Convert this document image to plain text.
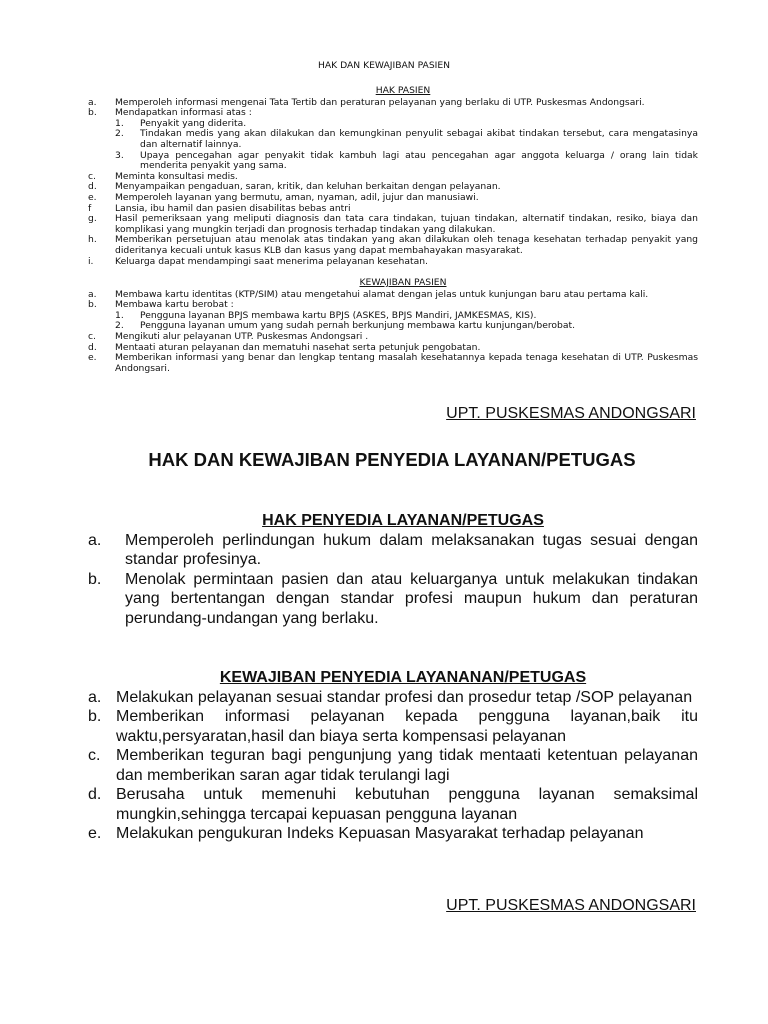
HAK DAN KEWAJIBAN PASIEN
HAK PASIEN
a.	Memperoleh informasi mengenai Tata Tertib dan peraturan pelayanan yang berlaku di UTP. Puskesmas Andongsari.
b.	Mendapatkan informasi atas :
1.	Penyakit yang diderita.
2.	Tindakan medis yang akan dilakukan dan kemungkinan penyulit sebagai akibat tindakan tersebut, cara mengatasinya dan alternatif lainnya.
3.	Upaya pencegahan agar penyakit tidak kambuh lagi atau pencegahan agar anggota keluarga / orang lain tidak menderita penyakit yang sama.
c.	Meminta konsultasi medis.
d.	Menyampaikan pengaduan, saran, kritik, dan keluhan berkaitan dengan pelayanan.
e.	Memperoleh layanan yang bermutu, aman, nyaman, adil, jujur dan manusiawi.
f	Lansia, ibu hamil dan pasien disabilitas bebas antri
g.	Hasil pemeriksaan yang meliputi diagnosis dan tata cara tindakan, tujuan tindakan, alternatif tindakan, resiko, biaya dan komplikasi yang mungkin terjadi dan prognosis terhadap tindakan yang dilakukan.
h.	Memberikan persetujuan atau menolak atas tindakan yang akan dilakukan oleh tenaga kesehatan terhadap penyakit yang dideritanya kecuali untuk kasus KLB dan kasus yang dapat membahayakan masyarakat.
i.	Keluarga dapat mendampingi saat menerima pelayanan kesehatan.
KEWAJIBAN PASIEN
a.	Membawa kartu identitas (KTP/SIM) atau mengetahui alamat dengan jelas untuk kunjungan baru atau pertama kali.
b.	Membawa kartu berobat :
1.	Pengguna layanan BPJS membawa kartu BPJS (ASKES, BPJS Mandiri, JAMKESMAS, KIS).
2.	Pengguna layanan umum yang sudah pernah berkunjung membawa kartu kunjungan/berobat.
c.	Mengikuti alur pelayanan UTP. Puskesmas Andongsari .
d.	Mentaati aturan pelayanan dan mematuhi nasehat serta petunjuk pengobatan.
e.	Memberikan informasi yang benar dan lengkap tentang masalah kesehatannya kepada tenaga kesehatan di UTP. Puskesmas Andongsari.
UPT. PUSKESMAS ANDONGSARI
HAK DAN KEWAJIBAN PENYEDIA LAYANAN/PETUGAS
HAK PENYEDIA LAYANAN/PETUGAS
a.	Memperoleh perlindungan hukum dalam melaksanakan tugas sesuai dengan standar profesinya.
b.	Menolak permintaan pasien dan atau keluarganya untuk melakukan tindakan yang bertentangan dengan standar profesi maupun hukum dan peraturan perundang-undangan yang berlaku.
KEWAJIBAN PENYEDIA LAYANANAN/PETUGAS
a. Melakukan pelayanan sesuai standar profesi dan prosedur tetap /SOP pelayanan
b. Memberikan informasi pelayanan kepada pengguna layanan,baik itu waktu,persyaratan,hasil dan biaya serta kompensasi pelayanan
c. Memberikan teguran bagi pengunjung yang tidak mentaati ketentuan pelayanan dan memberikan saran agar tidak terulangi lagi
d. Berusaha untuk memenuhi kebutuhan pengguna layanan semaksimal mungkin,sehingga tercapai kepuasan pengguna layanan
e. Melakukan pengukuran Indeks Kepuasan Masyarakat terhadap pelayanan
UPT. PUSKESMAS ANDONGSARI
